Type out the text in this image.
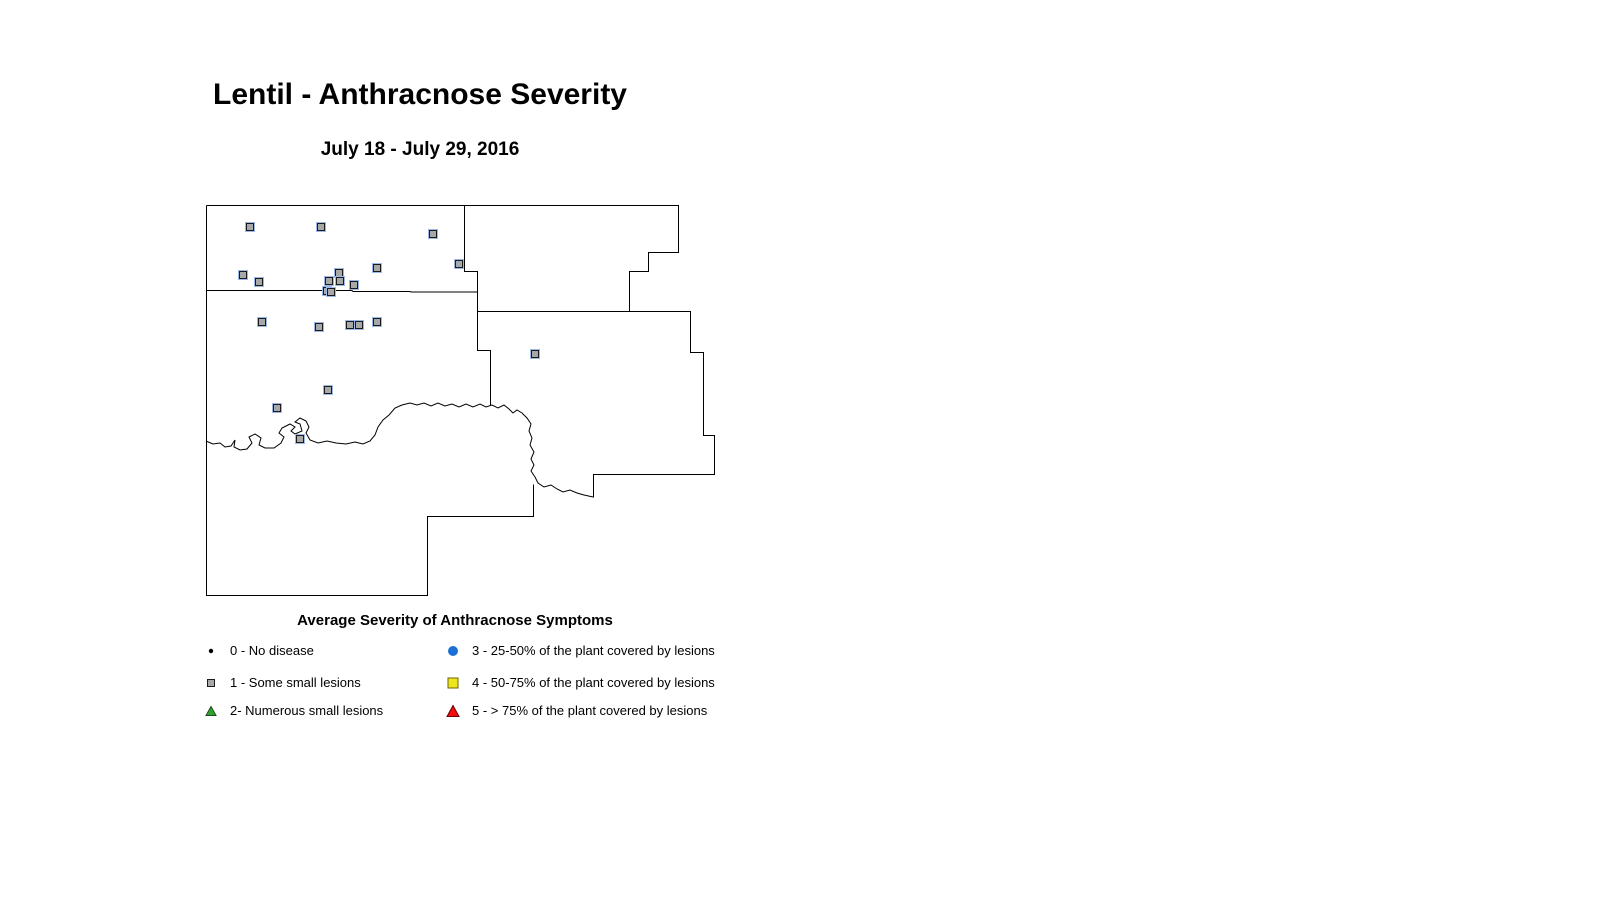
Lentil - Anthracnose Severity
July 18 - July 29, 2016
Average Severity of Anthracnose Symptoms
0 - No disease
1 - Some small lesions
2- Numerous small lesions
3 - 25-50% of the plant covered by lesions
4 - 50-75% of the plant covered by lesions
5 - > 75% of the plant covered by lesions
